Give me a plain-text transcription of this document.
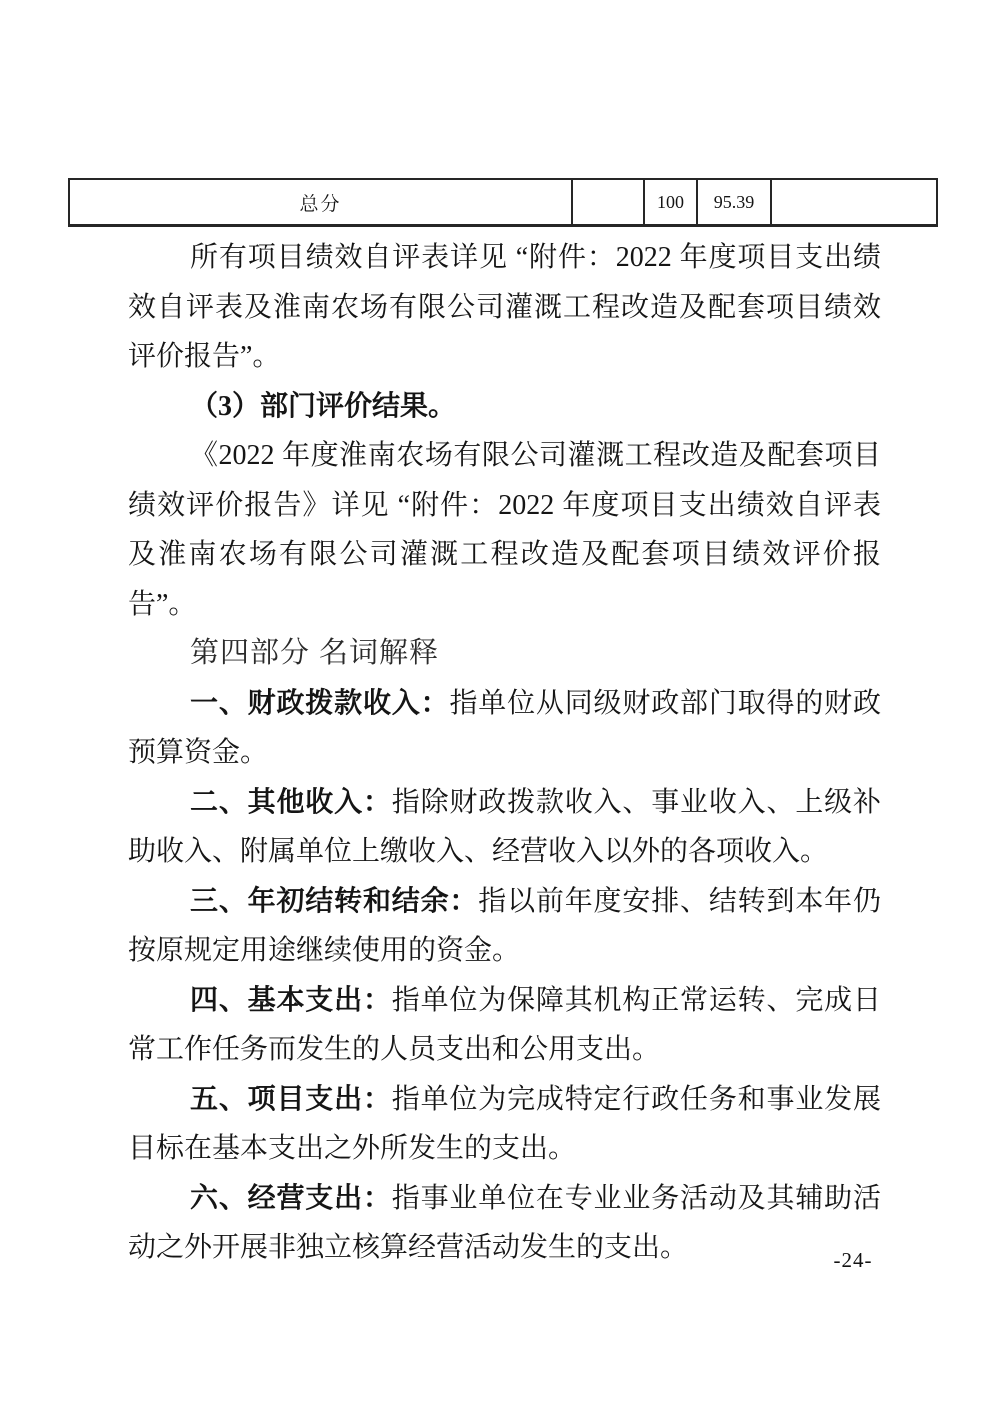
总分		100	95.39	

所有项目绩效自评表详见 “附件：2022 年度项目支出绩效自评表及淮南农场有限公司灌溉工程改造及配套项目绩效评价报告”。

（3）部门评价结果。

《2022 年度淮南农场有限公司灌溉工程改造及配套项目绩效评价报告》详见 “附件：2022 年度项目支出绩效自评表及淮南农场有限公司灌溉工程改造及配套项目绩效评价报告”。

第四部分 名词解释

一、财政拨款收入：指单位从同级财政部门取得的财政预算资金。

二、其他收入：指除财政拨款收入、事业收入、上级补助收入、附属单位上缴收入、经营收入以外的各项收入。

三、年初结转和结余：指以前年度安排、结转到本年仍按原规定用途继续使用的资金。

四、基本支出：指单位为保障其机构正常运转、完成日常工作任务而发生的人员支出和公用支出。

五、项目支出：指单位为完成特定行政任务和事业发展目标在基本支出之外所发生的支出。

六、经营支出：指事业单位在专业业务活动及其辅助活动之外开展非独立核算经营活动发生的支出。	-24-
